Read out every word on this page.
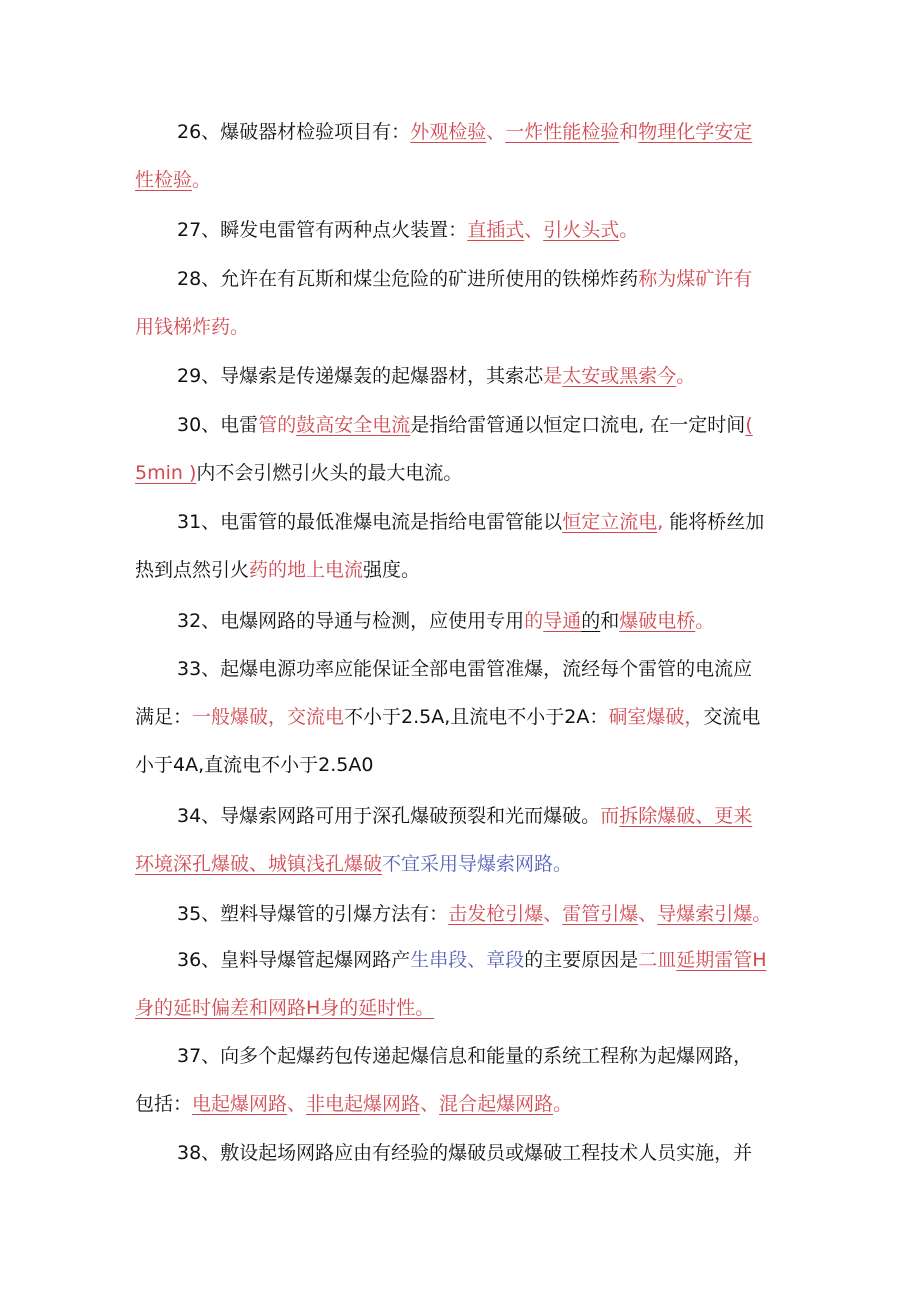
26、爆破器材检验项目有：外观检验、一炸性能检验和物理化学安定
性检验。
27、瞬发电雷管有两种点火装置：直插式、引火头式。
28、允许在有瓦斯和煤尘危险的矿进所使用的铁梯炸药称为煤矿许有
用钱梯炸药。
29、导爆索是传递爆轰的起爆器材，其索芯是太安或黑索今。
30、电雷管的鼓高安全电流是指给雷管通以恒定口流电, 在一定时间(
5min )内不会引燃引火头的最大电流。
31、电雷管的最低准爆电流是指给电雷管能以恒定立流电, 能将桥丝加
热到点然引火药的地上电流强度。
32、电爆网路的导通与检测，应使用专用的导通的和爆破电桥。
33、起爆电源功率应能保证全部电雷管准爆，流经每个雷管的电流应
满足：一般爆破，交流电不小于2.5A,且流电不小于2A：硐室爆破，交流电
小于4A,直流电不小于2.5A0
34、导爆索网路可用于深孔爆破预裂和光而爆破。而拆除爆破、更来
环境深孔爆破、城镇浅孔爆破不宜采用导爆索网路。
35、塑料导爆管的引爆方法有：击发枪引爆、雷管引爆、导爆索引爆。
36、皇料导爆管起爆网路产生串段、章段的主要原因是二皿延期雷管H
身的延时偏差和网路H身的延时性。
37、向多个起爆药包传递起爆信息和能量的系统工程称为起爆网路，
包括：电起爆网路、非电起爆网路、混合起爆网路。
38、敷设起场网路应由有经验的爆破员或爆破工程技术人员实施，并
